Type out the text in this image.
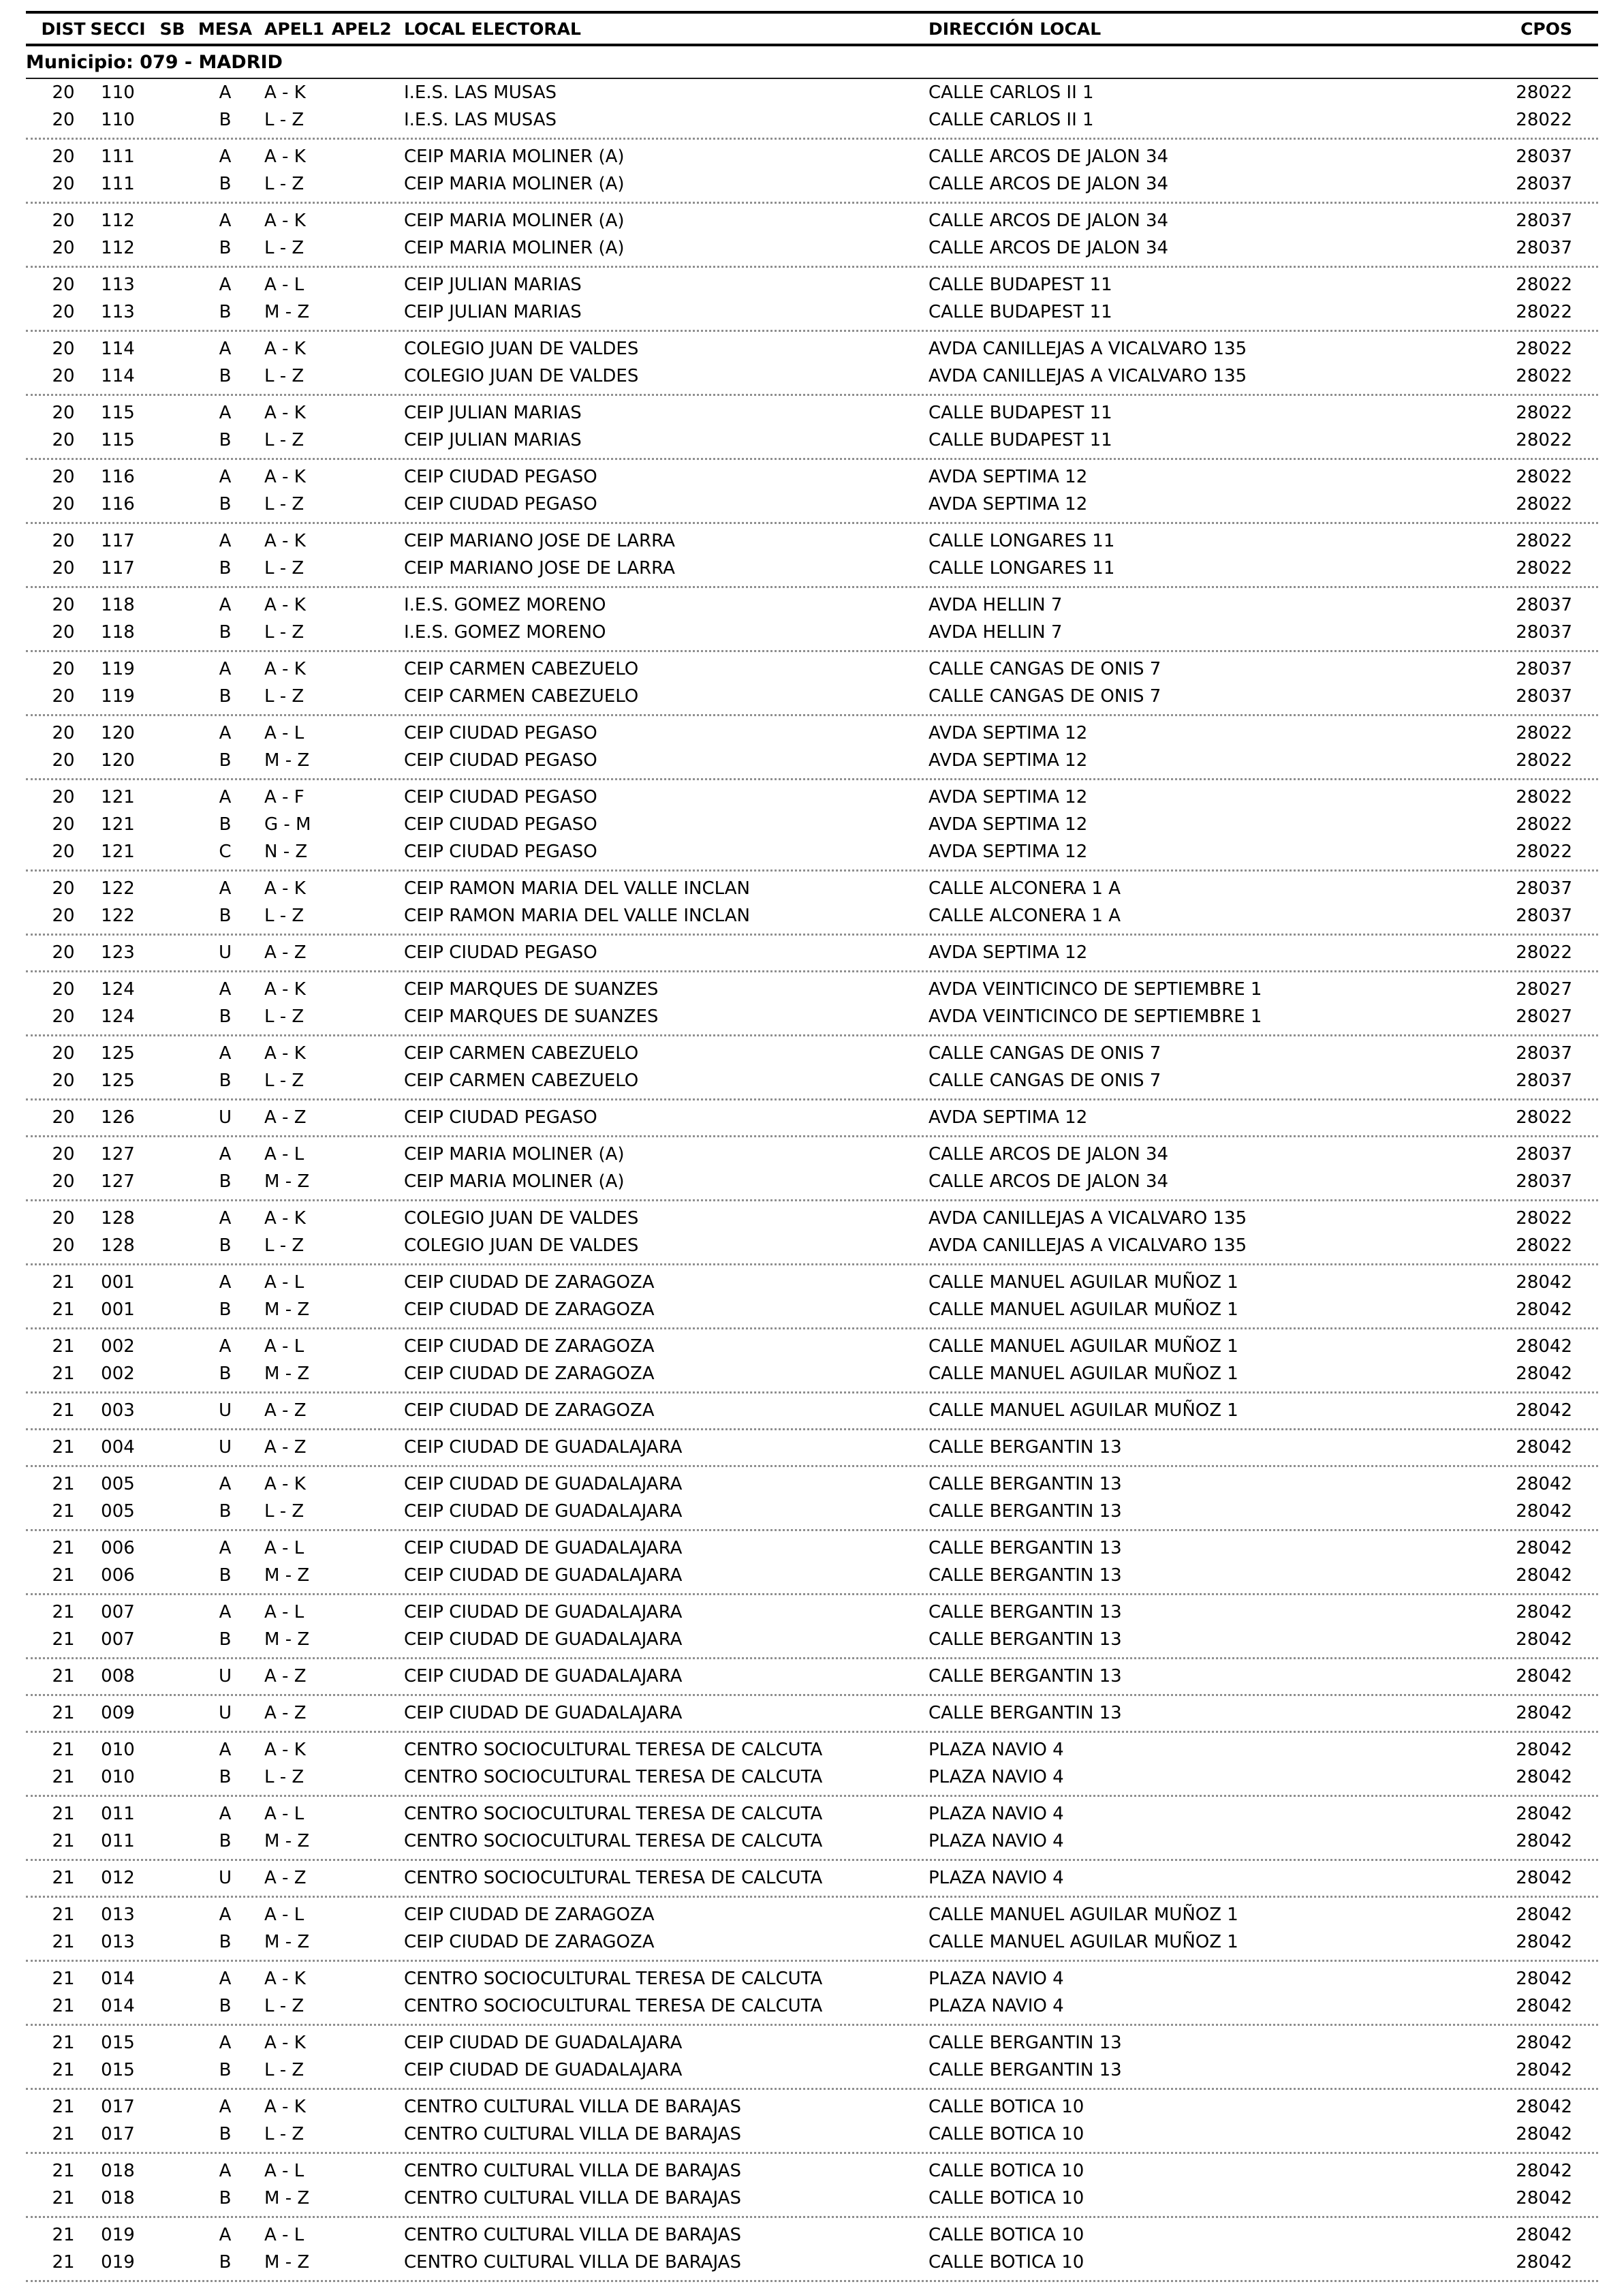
DIST SECCI SB MESA APEL1 APEL2 LOCAL ELECTORAL	DIRECCIÓN LOCAL	CPOS
Municipio: 079 - MADRID
20	110	A	A - K	I.E.S. LAS MUSAS	CALLE CARLOS II 1	28022
20	110	B	L - Z	I.E.S. LAS MUSAS	CALLE CARLOS II 1	28022
20	111	A	A - K	CEIP MARIA MOLINER (A)	CALLE ARCOS DE JALON 34	28037
20	111	B	L - Z	CEIP MARIA MOLINER (A)	CALLE ARCOS DE JALON 34	28037
20	112	A	A - K	CEIP MARIA MOLINER (A)	CALLE ARCOS DE JALON 34	28037
20	112	B	L - Z	CEIP MARIA MOLINER (A)	CALLE ARCOS DE JALON 34	28037
20	113	A	A - L	CEIP JULIAN MARIAS	CALLE BUDAPEST 11	28022
20	113	B	M - Z	CEIP JULIAN MARIAS	CALLE BUDAPEST 11	28022
20	114	A	A - K	COLEGIO JUAN DE VALDES	AVDA CANILLEJAS A VICALVARO 135	28022
20	114	B	L - Z	COLEGIO JUAN DE VALDES	AVDA CANILLEJAS A VICALVARO 135	28022
20	115	A	A - K	CEIP JULIAN MARIAS	CALLE BUDAPEST 11	28022
20	115	B	L - Z	CEIP JULIAN MARIAS	CALLE BUDAPEST 11	28022
20	116	A	A - K	CEIP CIUDAD PEGASO	AVDA SEPTIMA 12	28022
20	116	B	L - Z	CEIP CIUDAD PEGASO	AVDA SEPTIMA 12	28022
20	117	A	A - K	CEIP MARIANO JOSE DE LARRA	CALLE LONGARES 11	28022
20	117	B	L - Z	CEIP MARIANO JOSE DE LARRA	CALLE LONGARES 11	28022
20	118	A	A - K	I.E.S. GOMEZ MORENO	AVDA HELLIN 7	28037
20	118	B	L - Z	I.E.S. GOMEZ MORENO	AVDA HELLIN 7	28037
20	119	A	A - K	CEIP CARMEN CABEZUELO	CALLE CANGAS DE ONIS 7	28037
20	119	B	L - Z	CEIP CARMEN CABEZUELO	CALLE CANGAS DE ONIS 7	28037
20	120	A	A - L	CEIP CIUDAD PEGASO	AVDA SEPTIMA 12	28022
20	120	B	M - Z	CEIP CIUDAD PEGASO	AVDA SEPTIMA 12	28022
20	121	A	A - F	CEIP CIUDAD PEGASO	AVDA SEPTIMA 12	28022
20	121	B	G - M	CEIP CIUDAD PEGASO	AVDA SEPTIMA 12	28022
20	121	C	N - Z	CEIP CIUDAD PEGASO	AVDA SEPTIMA 12	28022
20	122	A	A - K	CEIP RAMON MARIA DEL VALLE INCLAN	CALLE ALCONERA 1 A	28037
20	122	B	L - Z	CEIP RAMON MARIA DEL VALLE INCLAN	CALLE ALCONERA 1 A	28037
20	123	U	A - Z	CEIP CIUDAD PEGASO	AVDA SEPTIMA 12	28022
20	124	A	A - K	CEIP MARQUES DE SUANZES	AVDA VEINTICINCO DE SEPTIEMBRE 1	28027
20	124	B	L - Z	CEIP MARQUES DE SUANZES	AVDA VEINTICINCO DE SEPTIEMBRE 1	28027
20	125	A	A - K	CEIP CARMEN CABEZUELO	CALLE CANGAS DE ONIS 7	28037
20	125	B	L - Z	CEIP CARMEN CABEZUELO	CALLE CANGAS DE ONIS 7	28037
20	126	U	A - Z	CEIP CIUDAD PEGASO	AVDA SEPTIMA 12	28022
20	127	A	A - L	CEIP MARIA MOLINER (A)	CALLE ARCOS DE JALON 34	28037
20	127	B	M - Z	CEIP MARIA MOLINER (A)	CALLE ARCOS DE JALON 34	28037
20	128	A	A - K	COLEGIO JUAN DE VALDES	AVDA CANILLEJAS A VICALVARO 135	28022
20	128	B	L - Z	COLEGIO JUAN DE VALDES	AVDA CANILLEJAS A VICALVARO 135	28022
21	001	A	A - L	CEIP CIUDAD DE ZARAGOZA	CALLE MANUEL AGUILAR MUÑOZ 1	28042
21	001	B	M - Z	CEIP CIUDAD DE ZARAGOZA	CALLE MANUEL AGUILAR MUÑOZ 1	28042
21	002	A	A - L	CEIP CIUDAD DE ZARAGOZA	CALLE MANUEL AGUILAR MUÑOZ 1	28042
21	002	B	M - Z	CEIP CIUDAD DE ZARAGOZA	CALLE MANUEL AGUILAR MUÑOZ 1	28042
21	003	U	A - Z	CEIP CIUDAD DE ZARAGOZA	CALLE MANUEL AGUILAR MUÑOZ 1	28042
21	004	U	A - Z	CEIP CIUDAD DE GUADALAJARA	CALLE BERGANTIN 13	28042
21	005	A	A - K	CEIP CIUDAD DE GUADALAJARA	CALLE BERGANTIN 13	28042
21	005	B	L - Z	CEIP CIUDAD DE GUADALAJARA	CALLE BERGANTIN 13	28042
21	006	A	A - L	CEIP CIUDAD DE GUADALAJARA	CALLE BERGANTIN 13	28042
21	006	B	M - Z	CEIP CIUDAD DE GUADALAJARA	CALLE BERGANTIN 13	28042
21	007	A	A - L	CEIP CIUDAD DE GUADALAJARA	CALLE BERGANTIN 13	28042
21	007	B	M - Z	CEIP CIUDAD DE GUADALAJARA	CALLE BERGANTIN 13	28042
21	008	U	A - Z	CEIP CIUDAD DE GUADALAJARA	CALLE BERGANTIN 13	28042
21	009	U	A - Z	CEIP CIUDAD DE GUADALAJARA	CALLE BERGANTIN 13	28042
21	010	A	A - K	CENTRO SOCIOCULTURAL TERESA DE CALCUTA	PLAZA NAVIO 4	28042
21	010	B	L - Z	CENTRO SOCIOCULTURAL TERESA DE CALCUTA	PLAZA NAVIO 4	28042
21	011	A	A - L	CENTRO SOCIOCULTURAL TERESA DE CALCUTA	PLAZA NAVIO 4	28042
21	011	B	M - Z	CENTRO SOCIOCULTURAL TERESA DE CALCUTA	PLAZA NAVIO 4	28042
21	012	U	A - Z	CENTRO SOCIOCULTURAL TERESA DE CALCUTA	PLAZA NAVIO 4	28042
21	013	A	A - L	CEIP CIUDAD DE ZARAGOZA	CALLE MANUEL AGUILAR MUÑOZ 1	28042
21	013	B	M - Z	CEIP CIUDAD DE ZARAGOZA	CALLE MANUEL AGUILAR MUÑOZ 1	28042
21	014	A	A - K	CENTRO SOCIOCULTURAL TERESA DE CALCUTA	PLAZA NAVIO 4	28042
21	014	B	L - Z	CENTRO SOCIOCULTURAL TERESA DE CALCUTA	PLAZA NAVIO 4	28042
21	015	A	A - K	CEIP CIUDAD DE GUADALAJARA	CALLE BERGANTIN 13	28042
21	015	B	L - Z	CEIP CIUDAD DE GUADALAJARA	CALLE BERGANTIN 13	28042
21	017	A	A - K	CENTRO CULTURAL VILLA DE BARAJAS	CALLE BOTICA 10	28042
21	017	B	L - Z	CENTRO CULTURAL VILLA DE BARAJAS	CALLE BOTICA 10	28042
21	018	A	A - L	CENTRO CULTURAL VILLA DE BARAJAS	CALLE BOTICA 10	28042
21	018	B	M - Z	CENTRO CULTURAL VILLA DE BARAJAS	CALLE BOTICA 10	28042
21	019	A	A - L	CENTRO CULTURAL VILLA DE BARAJAS	CALLE BOTICA 10	28042
21	019	B	M - Z	CENTRO CULTURAL VILLA DE BARAJAS	CALLE BOTICA 10	28042
